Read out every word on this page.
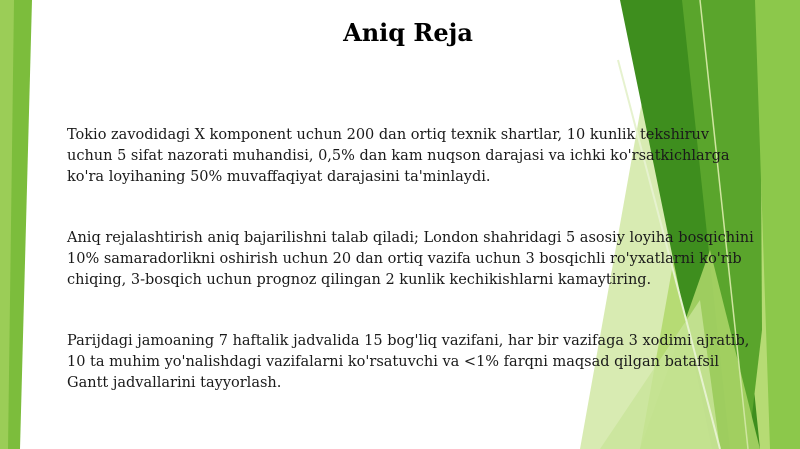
Aniq Reja

Tokio zavodidagi X komponent uchun 200 dan ortiq texnik shartlar, 10 kunlik tekshiruv uchun 5 sifat nazorati muhandisi, 0,5% dan kam nuqson darajasi va ichki ko'rsatkichlarga ko'ra loyihaning 50% muvaffaqiyat darajasini ta'minlaydi.

Aniq rejalashtirish aniq bajarilishni talab qiladi; London shahridagi 5 asosiy loyiha bosqichini 10% samaradorlikni oshirish uchun 20 dan ortiq vazifa uchun 3 bosqichli ro'yxatlarni ko'rib chiqing, 3-bosqich uchun prognoz qilingan 2 kunlik kechikishlarni kamaytiring.

Parijdagi jamoaning 7 haftalik jadvalida 15 bog'liq vazifani, har bir vazifaga 3 xodimi ajratib, 10 ta muhim yo'nalishdagi vazifalarni ko'rsatuvchi va <1% farqni maqsad qilgan batafsil Gantt jadvallarini tayyorlash.
